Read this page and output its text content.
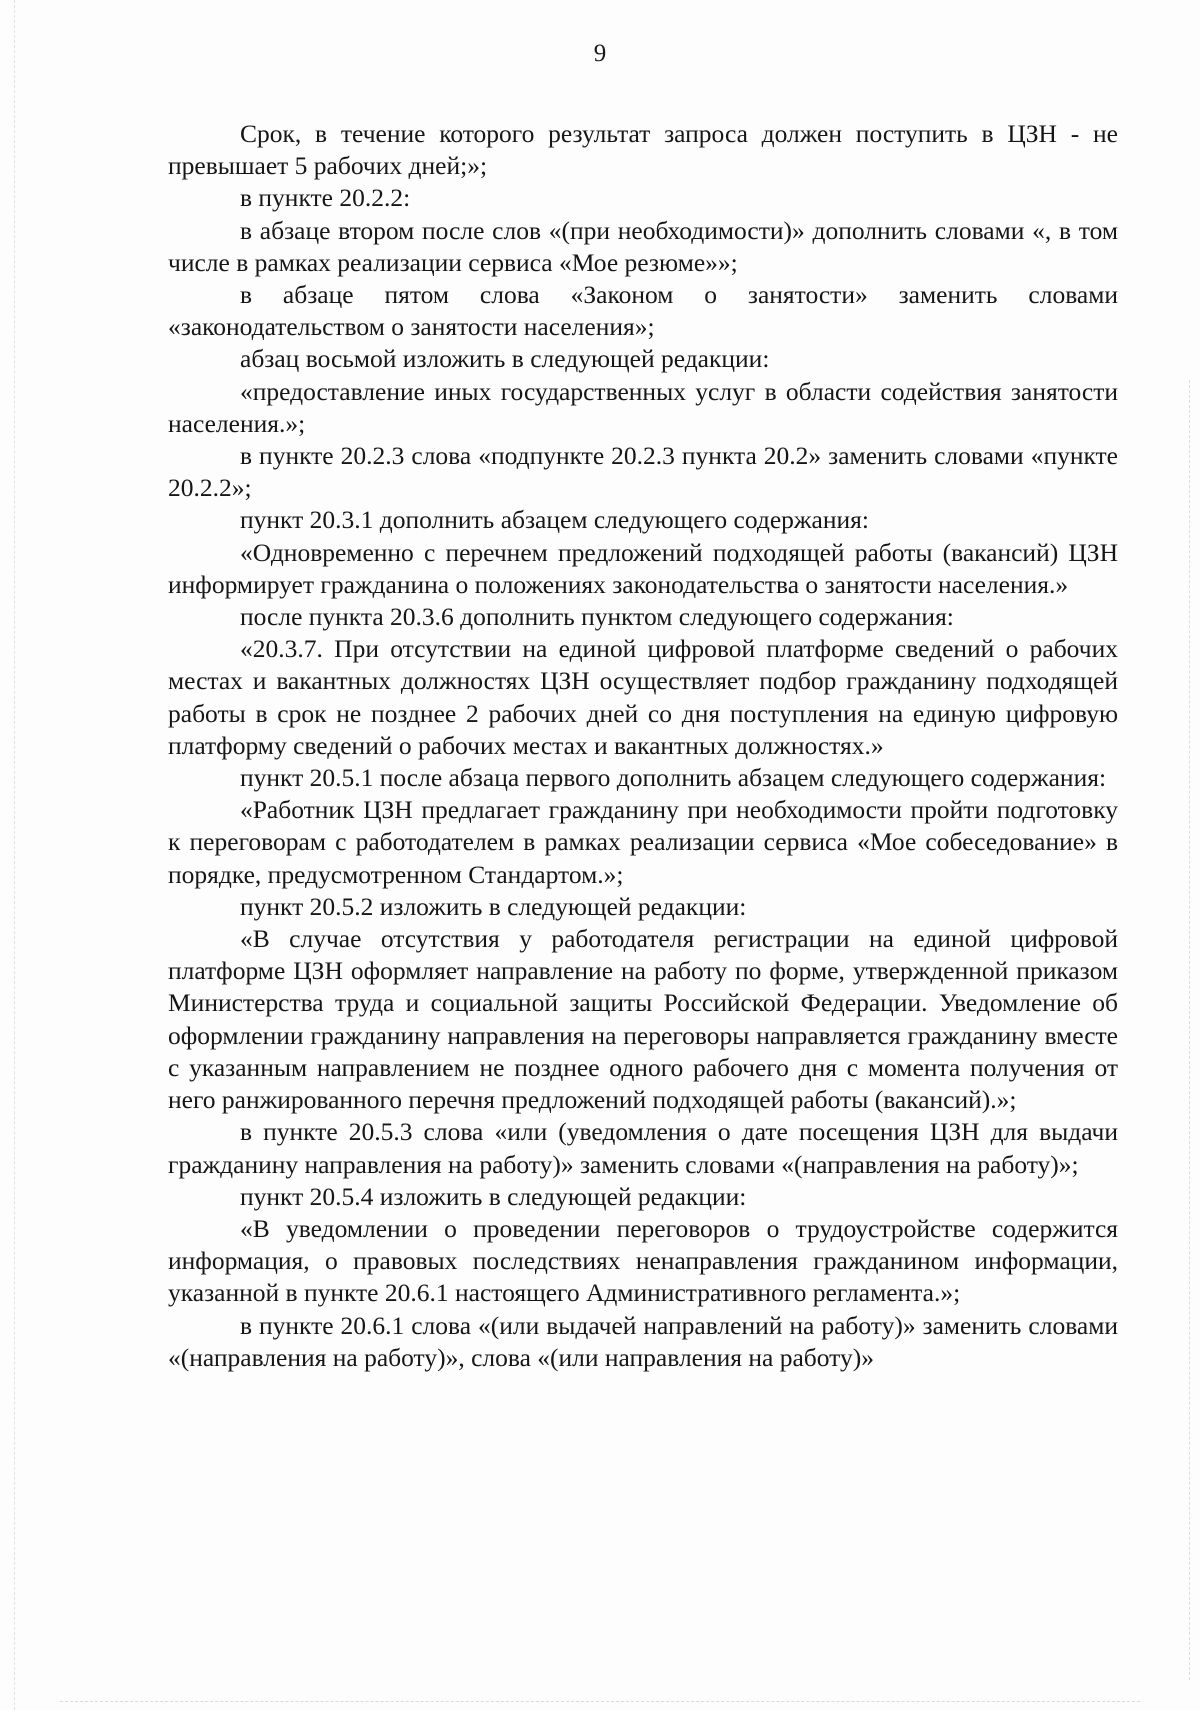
9

Срок, в течение которого результат запроса должен поступить в ЦЗН - не превышает 5 рабочих дней;»;

в пункте 20.2.2:

в абзаце втором после слов «(при необходимости)» дополнить словами «, в том числе в рамках реализации сервиса «Мое резюме»»;

в абзаце пятом слова «Законом о занятости» заменить словами «законодательством о занятости населения»;

абзац восьмой изложить в следующей редакции:

«предоставление иных государственных услуг в области содействия занятости населения.»;

в пункте 20.2.3 слова «подпункте 20.2.3 пункта 20.2» заменить словами «пункте 20.2.2»;

пункт 20.3.1 дополнить абзацем следующего содержания:

«Одновременно с перечнем предложений подходящей работы (вакансий) ЦЗН информирует гражданина о положениях законодательства о занятости населения.»

после пункта 20.3.6 дополнить пунктом следующего содержания:

«20.3.7. При отсутствии на единой цифровой платформе сведений о рабочих местах и вакантных должностях ЦЗН осуществляет подбор гражданину подходящей работы в срок не позднее 2 рабочих дней со дня поступления на единую цифровую платформу сведений о рабочих местах и вакантных должностях.»

пункт 20.5.1 после абзаца первого дополнить абзацем следующего содержания:

«Работник ЦЗН предлагает гражданину при необходимости пройти подготовку к переговорам с работодателем в рамках реализации сервиса «Мое собеседование» в порядке, предусмотренном Стандартом.»;

пункт 20.5.2 изложить в следующей редакции:

«В случае отсутствия у работодателя регистрации на единой цифровой платформе ЦЗН оформляет направление на работу по форме, утвержденной приказом Министерства труда и социальной защиты Российской Федерации. Уведомление об оформлении гражданину направления на переговоры направляется гражданину вместе с указанным направлением не позднее одного рабочего дня с момента получения от него ранжированного перечня предложений подходящей работы (вакансий).»;

в пункте 20.5.3 слова «или (уведомления о дате посещения ЦЗН для выдачи гражданину направления на работу)» заменить словами «(направления на работу)»;

пункт 20.5.4 изложить в следующей редакции:

«В уведомлении о проведении переговоров о трудоустройстве содержится информация, о правовых последствиях ненаправления гражданином информации, указанной в пункте 20.6.1 настоящего Административного регламента.»;

в пункте 20.6.1 слова «(или выдачей направлений на работу)» заменить словами «(направления на работу)», слова «(или направления на работу)»
